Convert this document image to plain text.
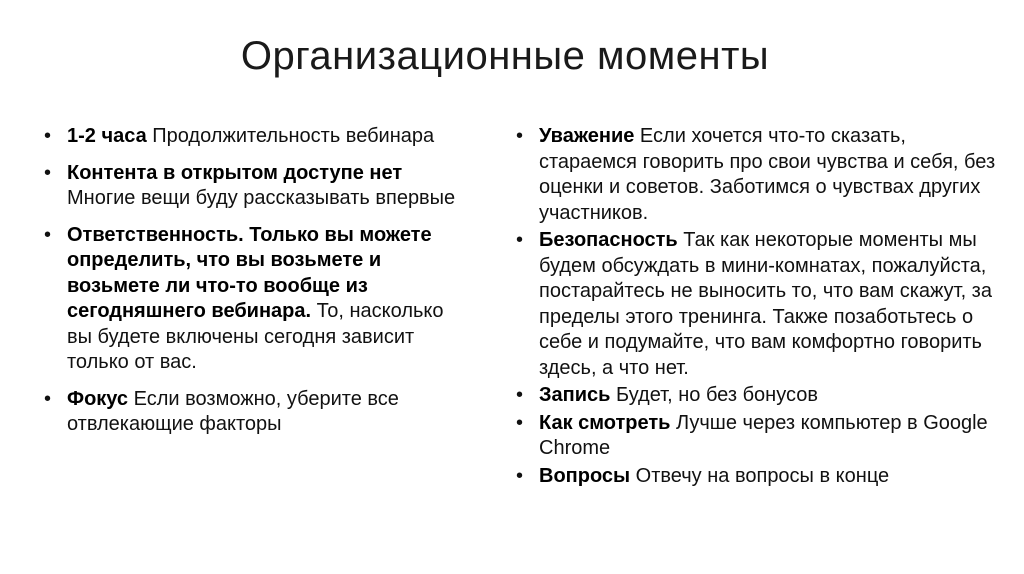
Организационные моменты
• 1-2 часа Продолжительность вебинара
• Контента в открытом доступе нет Многие вещи буду рассказывать впервые
• Ответственность. Только вы можете определить, что вы возьмете и возьмете ли что-то вообще из сегодняшнего вебинара. То, насколько вы будете включены сегодня зависит только от вас.
• Фокус Если возможно, уберите все отвлекающие факторы
• Уважение Если хочется что-то сказать, стараемся говорить про свои чувства и себя, без оценки и советов. Заботимся о чувствах других участников.
• Безопасность Так как некоторые моменты мы будем обсуждать в мини-комнатах, пожалуйста, постарайтесь не выносить то, что вам скажут, за пределы этого тренинга. Также позаботьтесь о себе и подумайте, что вам комфортно говорить здесь, а что нет.
• Запись Будет, но без бонусов
• Как смотреть Лучше через компьютер в Google Chrome
• Вопросы Отвечу на вопросы в конце
